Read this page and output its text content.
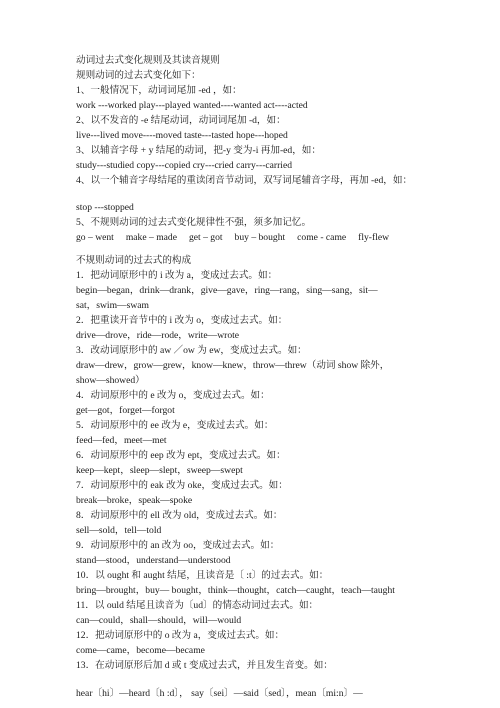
动词过去式变化规则及其读音规则
规则动词的过去式变化如下：
1、一般情况下，动词词尾加 -ed ，如：
work ---worked play---played wanted----wanted act----acted
2、以不发音的 -e 结尾动词，动词词尾加 -d，如：
live---lived move----moved taste---tasted hope---hoped
3、以辅音字母 + y 结尾的动词，把-y 变为-i 再加-ed，如：
study---studied copy---copied cry---cried carry---carried
4、以一个辅音字母结尾的重读闭音节动词，双写词尾辅音字母，再加 -ed，如：
stop ---stopped
5、不规则动词的过去式变化规律性不强，须多加记忆。
go – went     make – made     get – got     buy – bought     come - came     fly-flew
不规则动词的过去式的构成
1．把动词原形中的 i 改为 a，变成过去式。如：
begin—began，drink—drank，give—gave，ring—rang，sing—sang，sit—
sat，swim—swam
2．把重读开音节中的 i 改为 o，变成过去式。如：
drive—drove，ride—rode，write—wrote
3．改动词原形中的 aw ／ow 为 ew，变成过去式。如：
draw—drew，grow—grew，know—knew，throw—threw（动词 show 除外，
show—showed）
4．动词原形中的 e 改为 o，变成过去式。如：
get—got，forget—forgot
5．动词原形中的 ee 改为 e，变成过去式。如：
feed—fed，meet—met
6．动词原形中的 eep 改为 ept，变成过去式。如：
keep—kept，sleep—slept，sweep—swept
7．动词原形中的 eak 改为 oke，变成过去式。如：
break—broke，speak—spoke
8．动词原形中的 ell 改为 old，变成过去式。如：
sell—sold，tell—told
9．动词原形中的 an 改为 oo，变成过去式。如：
stand—stood，understand—understood
10．以 ought 和 aught 结尾，且读音是〔 :t〕的过去式。如：
bring—brought，buy— bought，think—thought，catch—caught，teach—taught
11．以 ould 结尾且读音为〔ud〕的情态动词过去式。如：
can—could，shall—should，will—would
12．把动词原形中的 o 改为 a，变成过去式。如：
come—came，become—became
13．在动词原形后加 d 或 t 变成过去式，并且发生音变。如：
hear〔hi〕—heard〔h :d〕， say〔sei〕—said〔sed〕，mean〔mi:n〕—
